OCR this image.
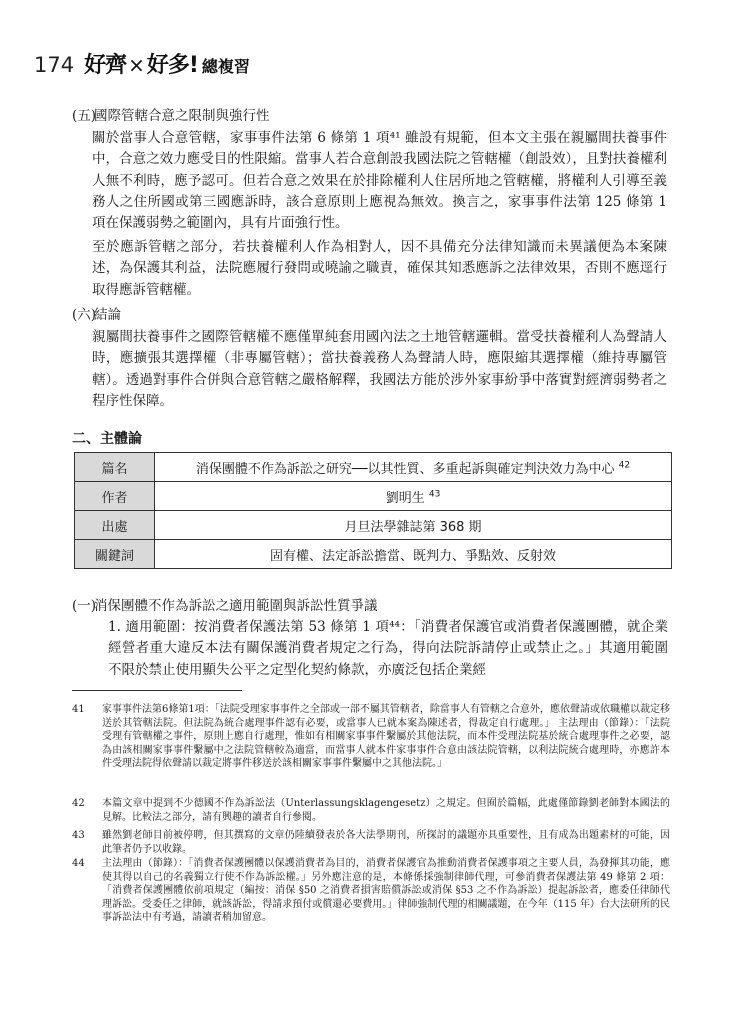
174 好齊 × 好多! 總複習
(五)國際管轄合意之限制與強行性
關於當事人合意管轄，家事事件法第 6 條第 1 項⁴¹ 雖設有規範，但本文主張在親屬間扶養事件中，合意之效力應受目的性限縮。當事人若合意創設我國法院之管轄權（創設效），且對扶養權利人無不利時，應予認可。但若合意之效果在於排除權利人住居所地之管轄權，將權利人引導至義務人之住所國或第三國應訴時，該合意原則上應視為無效。換言之，家事事件法第 125 條第 1 項在保護弱勢之範圍內，具有片面強行性。
至於應訴管轄之部分，若扶養權利人作為相對人，因不具備充分法律知識而未異議便為本案陳述，為保護其利益，法院應履行發問或曉諭之職責，確保其知悉應訴之法律效果，否則不應逕行取得應訴管轄權。
(六)結論
親屬間扶養事件之國際管轄權不應僅單純套用國內法之土地管轄邏輯。當受扶養權利人為聲請人時，應擴張其選擇權（非專屬管轄）；當扶養義務人為聲請人時，應限縮其選擇權（維持專屬管轄）。透過對事件合併與合意管轄之嚴格解釋，我國法方能於涉外家事紛爭中落實對經濟弱勢者之程序性保障。
二、主體論
篇名	消保團體不作為訴訟之研究──以其性質、多重起訴與確定判決效力為中心 $^{42}$
作者	劉明生 $^{43}$
出處	月旦法學雜誌第 368 期
關鍵詞	固有權、法定訴訟擔當、既判力、爭點效、反射效
(一)消保團體不作為訴訟之適用範圍與訴訟性質爭議
1. 適用範圍：按消費者保護法第 53 條第 1 項⁴⁴：「消費者保護官或消費者保護團體，就企業經營者重大違反本法有關保護消費者規定之行為，得向法院訴請停止或禁止之。」其適用範圍不限於禁止使用顯失公平之定型化契約條款，亦廣泛包括企業經
41	家事事件法第6條第1項：「法院受理家事事件之全部或一部不屬其管轄者，除當事人有管轄之合意外，應依聲請或依職權以裁定移送於其管轄法院。但法院為統合處理事件認有必要，或當事人已就本案為陳述者，得裁定自行處理。」 主法理由（節錄）：「法院受理有管轄權之事件，原則上應自行處理，惟如有相關家事事件繫屬於其他法院，而本件受理法院基於統合處理事件之必要，認為由該相關家事事件繫屬中之法院管轄較為適當，而當事人就本件家事事件合意由該法院管轄，以利法院統合處理時，亦應許本件受理法院得依聲請以裁定將事件移送於該相關家事事件繫屬中之其他法院。」
42	本篇文章中提到不少德國不作為訴訟法（Unterlassungsklagengesetz）之規定。但囿於篇幅，此處僅節錄劉老師對本國法的見解。比較法之部分，請有興趣的讀者自行參閱。
43	雖然劉老師目前被停聘，但其撰寫的文章仍陸續發表於各大法學期刊，所探討的議題亦具重要性，且有成為出題素材的可能，因此筆者仍予以收錄。
44	主法理由（節錄）：「消費者保護團體以保護消費者為目的，消費者保護官為推動消費者保護事項之主要人員，為發揮其功能，應使其得以自己的名義獨立行使不作為訴訟權。」另外應注意的是，本條係採強制律師代理，可參消費者保護法第 49 條第 2 項：「消費者保護團體依前項規定（編按：消保 §50 之消費者損害賠償訴訟或消保 §53 之不作為訴訟）提起訴訟者，應委任律師代理訴訟。受委任之律師，就該訴訟，得請求預付或償還必要費用。」律師強制代理的相關議題，在今年（115 年）台大法研所的民事訴訟法中有考過，請讀者稍加留意。
